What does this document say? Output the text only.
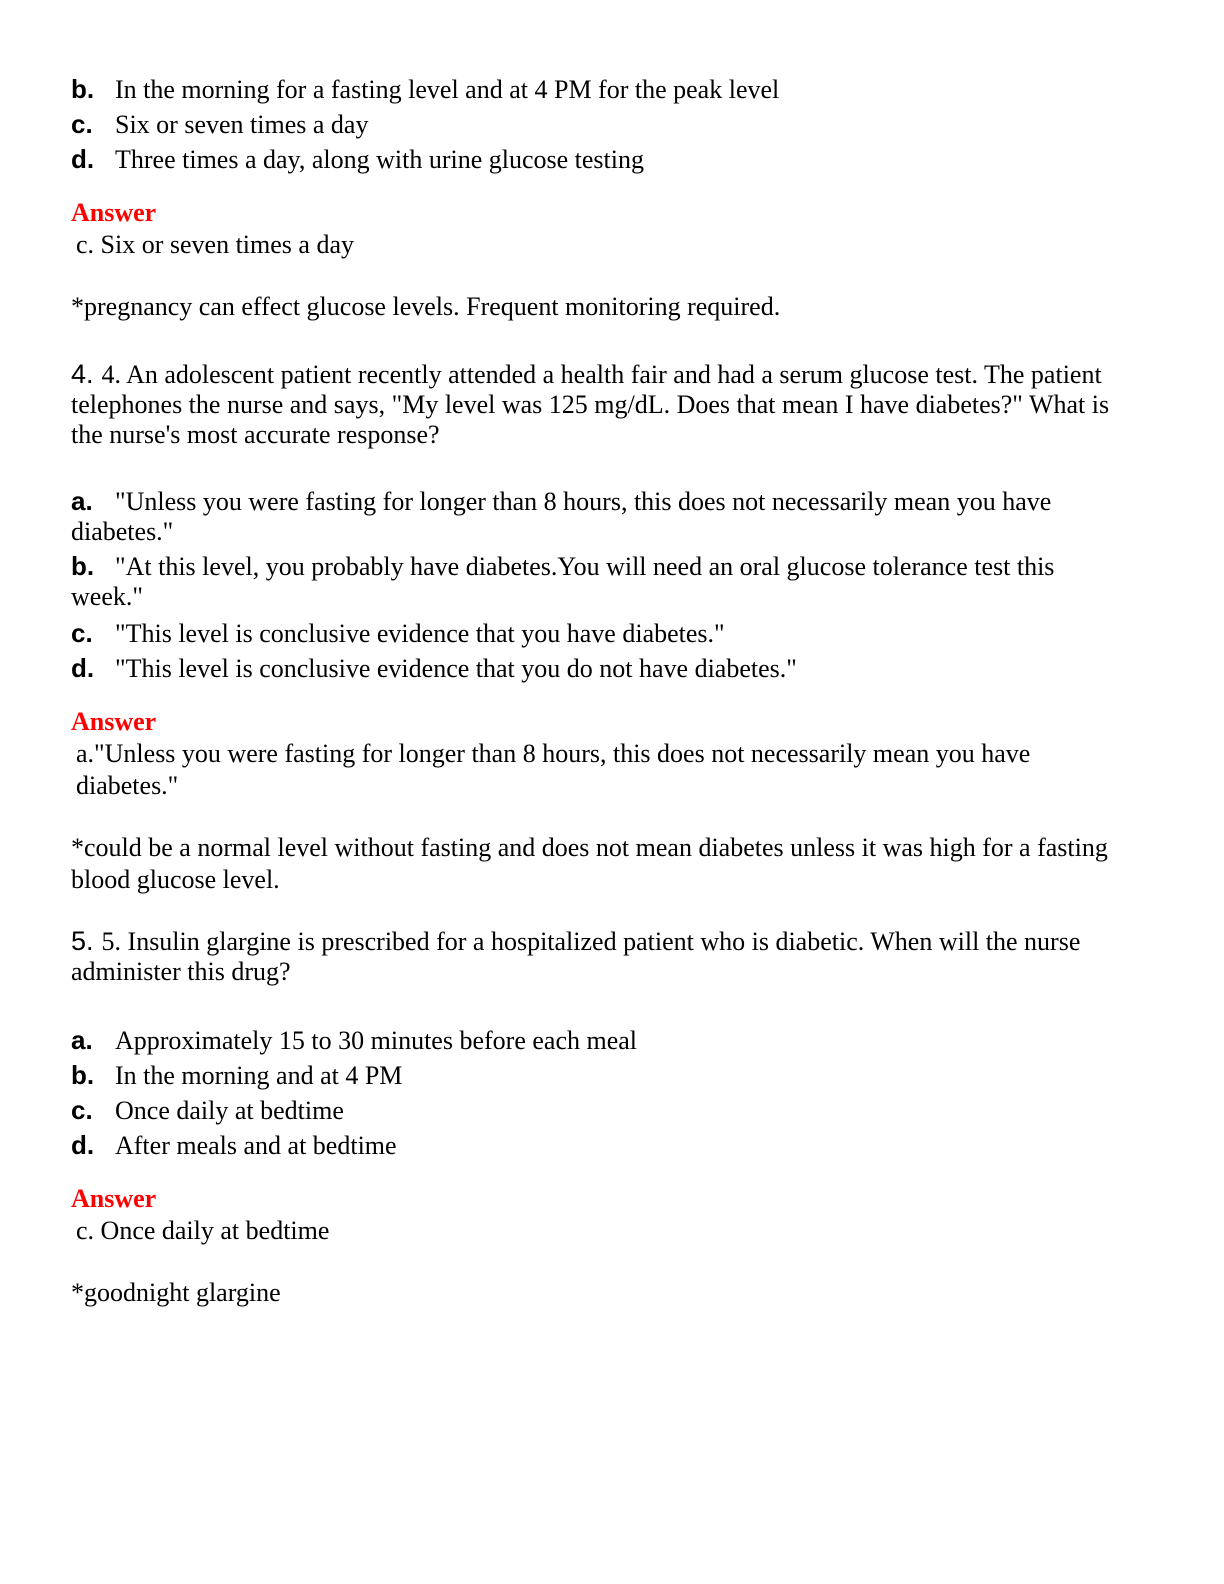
b. In the morning for a fasting level and at 4 PM for the peak level
c. Six or seven times a day
d. Three times a day, along with urine glucose testing
Answer
c. Six or seven times a day
*pregnancy can effect glucose levels. Frequent monitoring required.
4. 4. An adolescent patient recently attended a health fair and had a serum glucose test. The patient telephones the nurse and says, "My level was 125 mg/dL. Does that mean I have diabetes?" What is the nurse's most accurate response?
a. "Unless you were fasting for longer than 8 hours, this does not necessarily mean you have diabetes."
b. "At this level, you probably have diabetes.You will need an oral glucose tolerance test this week."
c. "This level is conclusive evidence that you have diabetes."
d. "This level is conclusive evidence that you do not have diabetes."
Answer
a."Unless you were fasting for longer than 8 hours, this does not necessarily mean you have diabetes."
*could be a normal level without fasting and does not mean diabetes unless it was high for a fasting blood glucose level.
5. 5. Insulin glargine is prescribed for a hospitalized patient who is diabetic. When will the nurse administer this drug?
a. Approximately 15 to 30 minutes before each meal
b. In the morning and at 4 PM
c. Once daily at bedtime
d. After meals and at bedtime
Answer
c. Once daily at bedtime
*goodnight glargine
